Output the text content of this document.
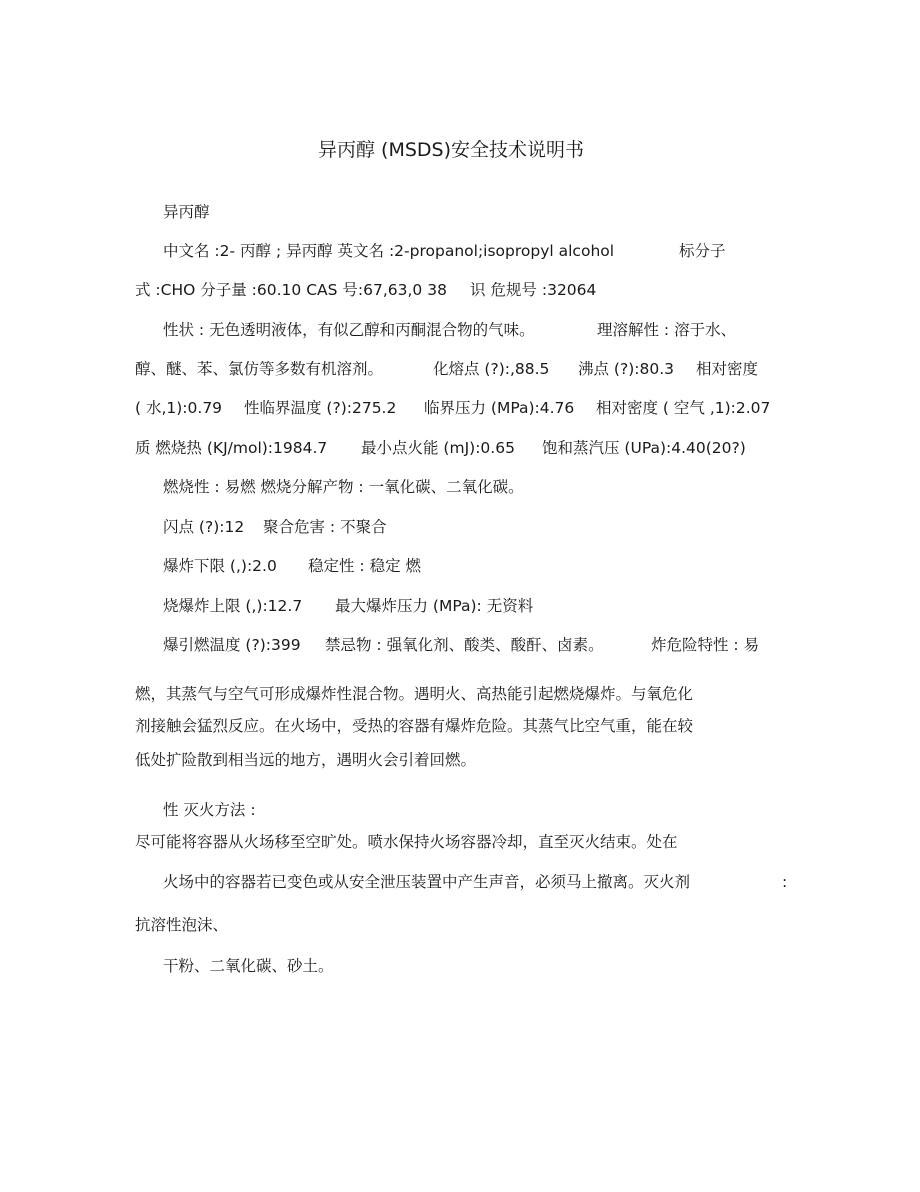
异丙醇 (MSDS)安全技术说明书
异丙醇
中文名 :2- 丙醇 ; 异丙醇 英文名 :2-propanol;isopropyl alcohol	标分子
式 :CHO 分子量 :60.10 CAS 号:67,63,0 38 识 危规号 :32064
性状 : 无色透明液体，有似乙醇和丙酮混合物的气味。	理溶解性 : 溶于水、
醇、醚、苯、氯仿等多数有机溶剂。	化熔点 (?):,88.5 沸点 (?):80.3 相对密度
( 水,1):0.79 性临界温度 (?):275.2 临界压力 (MPa):4.76 相对密度 ( 空气 ,1):2.07
质 燃烧热 (KJ/mol):1984.7 最小点火能 (mJ):0.65 饱和蒸汽压 (UPa):4.40(20?)
燃烧性 : 易燃 燃烧分解产物 : 一氧化碳、二氧化碳。
闪点 (?):12 聚合危害 : 不聚合
爆炸下限 (,):2.0 稳定性 : 稳定 燃
烧爆炸上限 (,):12.7 最大爆炸压力 (MPa): 无资料
爆引燃温度 (?):399 禁忌物 : 强氧化剂、酸类、酸酐、卤素。	炸危险特性 : 易
燃，其蒸气与空气可形成爆炸性混合物。遇明火、高热能引起燃烧爆炸。与氧危化
剂接触会猛烈反应。在火场中，受热的容器有爆炸危险。其蒸气比空气重，能在较
低处扩险散到相当远的地方，遇明火会引着回燃。
性 灭火方法 :
尽可能将容器从火场移至空旷处。喷水保持火场容器冷却，直至灭火结束。处在
火场中的容器若已变色或从安全泄压装置中产生声音，必须马上撤离。灭火剂	:
抗溶性泡沫、
干粉、二氧化碳、砂土。
